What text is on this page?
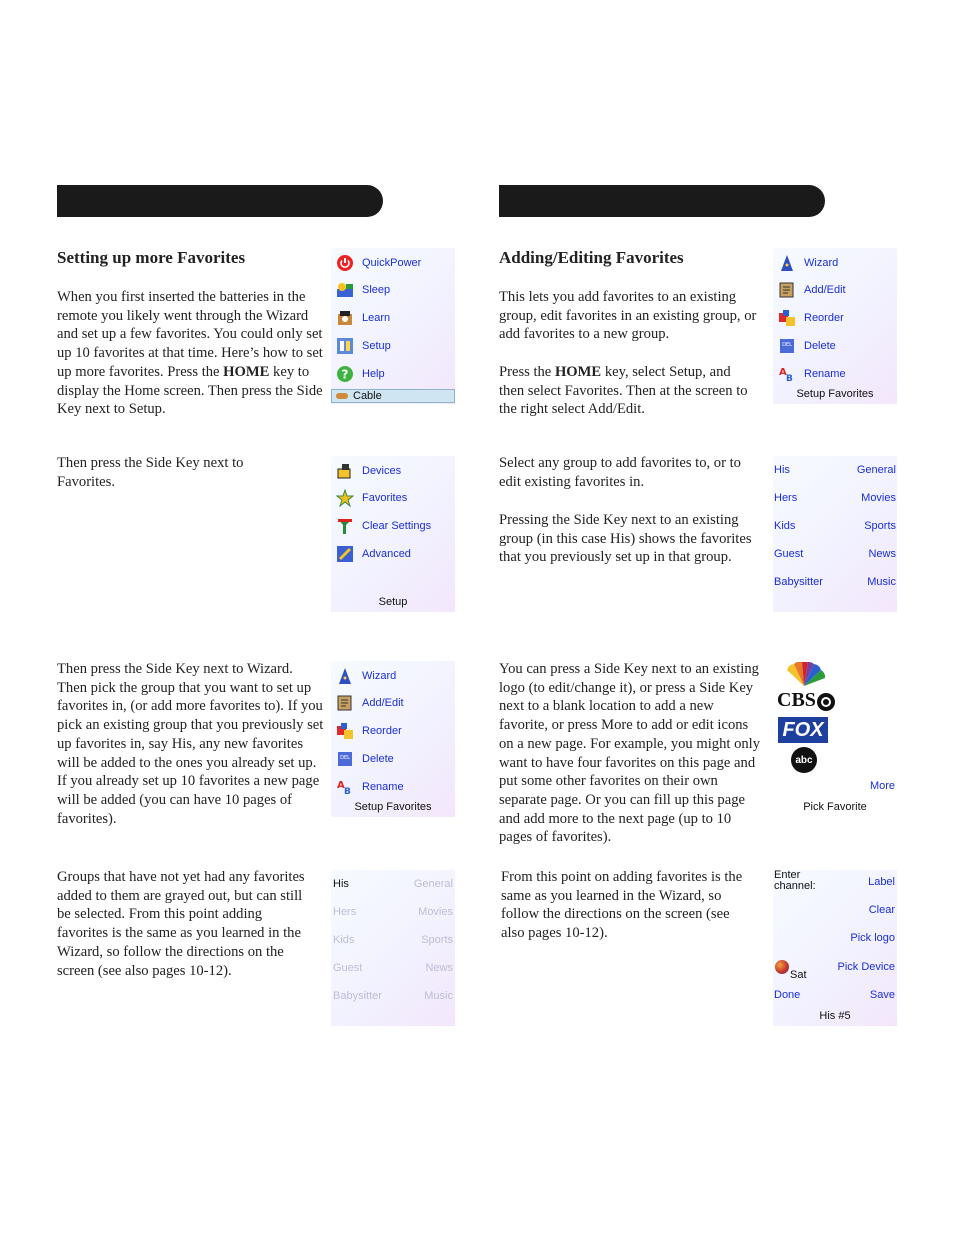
Setting up more Favorites

When you first inserted the batteries in the remote you likely went through the Wizard and set up a few favorites. You could only set up 10 favorites at that time. Here’s how to set up more favorites. Press the HOME key to display the Home screen. Then press the Side Key next to Setup.

Then press the Side Key next to Favorites.

Then press the Side Key next to Wizard. Then pick the group that you want to set up favorites in, (or add more favorites to). If you pick an existing group that you previously set up favorites in, say His, any new favorites will be added to the ones you already set up. If you already set up 10 favorites a new page will be added (you can have 10 pages of favorites).

Groups that have not yet had any favorites added to them are grayed out, but can still be selected. From this point adding favorites is the same as you learned in the Wizard, so follow the directions on the screen (see also pages 10-12).

QuickPower
Sleep
Learn
Setup
? Help
Cable
Devices
Favorites
Clear Settings
Advanced
Setup
Wizard
Add/Edit
Reorder
DEL Delete
A
B Rename
Setup Favorites
His
Hers
Kids
Guest
Babysitter
General
Movies
Sports
News
Music
Adding/Editing Favorites

This lets you add favorites to an existing group, edit favorites in an existing group, or add favorites to a new group.

Press the HOME key, select Setup, and then select Favorites. Then at the screen to the right select Add/Edit.

Select any group to add favorites to, or to edit existing favorites in.

Pressing the Side Key next to an existing group (in this case His) shows the favorites that you previously set up in that group.

You can press a Side Key next to an existing logo (to edit/change it), or press a Side Key next to a blank location to add a new favorite, or press More to add or edit icons on a new page. For example, you might only want to have four favorites on this page and put some other favorites on their own separate page. Or you can fill up this page and add more to the next page (up to 10 pages of favorites).

From this point on adding favorites is the same as you learned in the Wizard, so follow the directions on the screen (see also pages 10-12).

Wizard
Add/Edit
Reorder
DEL Delete
A
B Rename
Setup Favorites
His
Hers
Kids
Guest
Babysitter
General
Movies
Sports
News
Music
CBS
FOX
abc
More
Pick Favorite
Enter
channel:	Label
Clear
Pick logo
Sat
Pick Device
Done	Save
His #5
